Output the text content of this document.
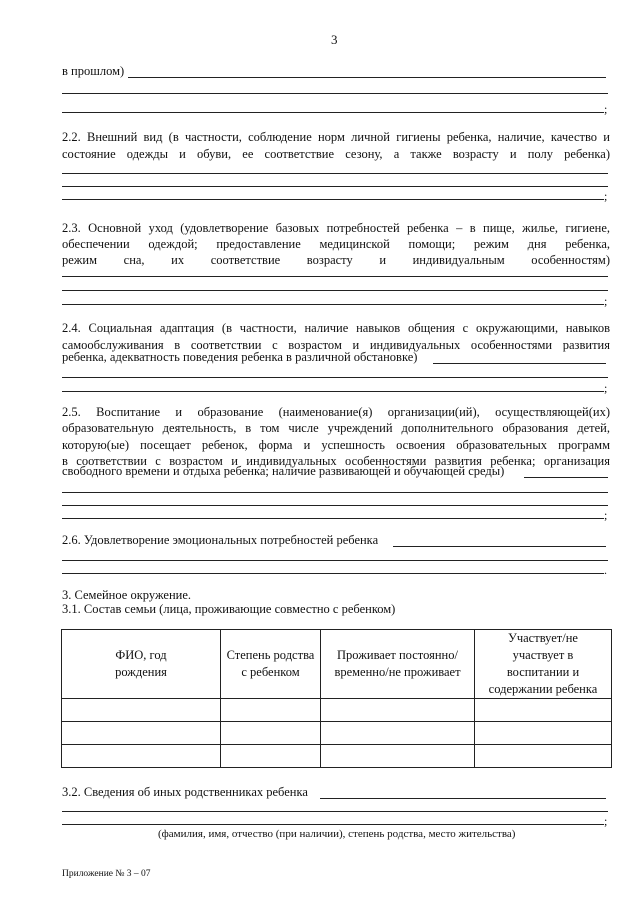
3
в прошлом)
;
2.2. Внешний вид (в частности, соблюдение норм личной гигиены ребенка, наличие, качество и
состояние одежды и обуви, ее соответствие сезону, а также возрасту и полу ребенка)
;
2.3. Основной уход (удовлетворение базовых потребностей ребенка – в пище, жилье, гигиене,
обеспечении одеждой; предоставление медицинской помощи; режим дня ребенка,
режим сна, их соответствие возрасту и индивидуальным особенностям)
;
2.4. Социальная адаптация (в частности, наличие навыков общения с окружающими, навыков
самообслуживания в соответствии с возрастом и индивидуальных особенностями развития
ребенка, адекватность поведения ребенка в различной обстановке)
;
2.5. Воспитание и образование (наименование(я) организации(ий), осуществляющей(их)
образовательную деятельность, в том числе учреждений дополнительного образования детей,
которую(ые) посещает ребенок, форма и успешность освоения образовательных программ
в соответствии с возрастом и индивидуальных особенностями развития ребенка; организация
свободного времени и отдыха ребенка; наличие развивающей и обучающей среды)
;
2.6. Удовлетворение эмоциональных потребностей ребенка
.
3. Семейное окружение.
3.1. Состав семьи (лица, проживающие совместно с ребенком)
ФИО, год рождения	Степень родства с ребенком	Проживает постоянно/временно/не проживает	Участвует/не участвует в воспитании и содержании ребенка

3.2. Сведения об иных родственниках ребенка
;
(фамилия, имя, отчество (при наличии), степень родства, место жительства)
Приложение № 3 – 07
